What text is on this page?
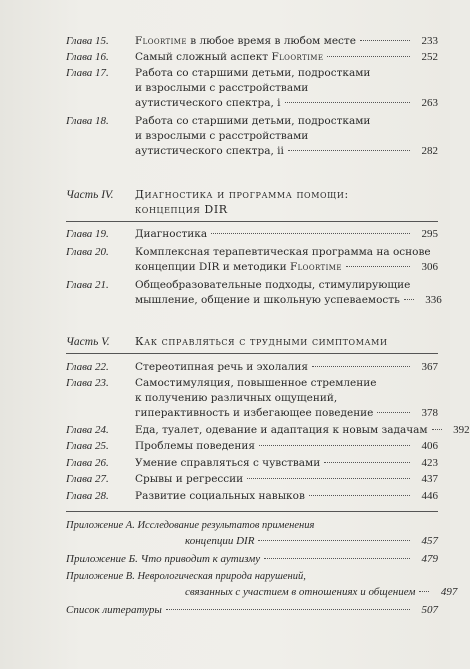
Глава 15. Floortime в любое время в любом месте	233
Глава 16. Самый сложный аспект Floortime	252
Глава 17. Работа со старшими детьми, подростками
и взрослыми с расстройствами
аутистического спектра, i	263
Глава 18. Работа со старшими детьми, подростками
и взрослыми с расстройствами
аутистического спектра, ii	282
Часть IV. Диагностика и программа помощи:
концепция DIR
Глава 19. Диагностика	295
Глава 20. Комплексная терапевтическая программа на основе
концепции DIR и методики Floortime	306
Глава 21. Общеобразовательные подходы, стимулирующие
мышление, общение и школьную успеваемость	336
Часть V. Как справляться с трудными симптомами
Глава 22. Стереотипная речь и эхолалия	367
Глава 23. Самостимуляция, повышенное стремление
к получению различных ощущений,
гиперактивность и избегающее поведение	378
Глава 24. Еда, туалет, одевание и адаптация к новым задачам	392
Глава 25. Проблемы поведения	406
Глава 26. Умение справляться с чувствами	423
Глава 27. Срывы и регрессии	437
Глава 28. Развитие социальных навыков	446
Приложение А. Исследование результатов применения
концепции DIR	457
Приложение Б. Что приводит к аутизму	479
Приложение В. Неврологическая природа нарушений,
связанных с участием в отношениях и общением	497
Список литературы	507
